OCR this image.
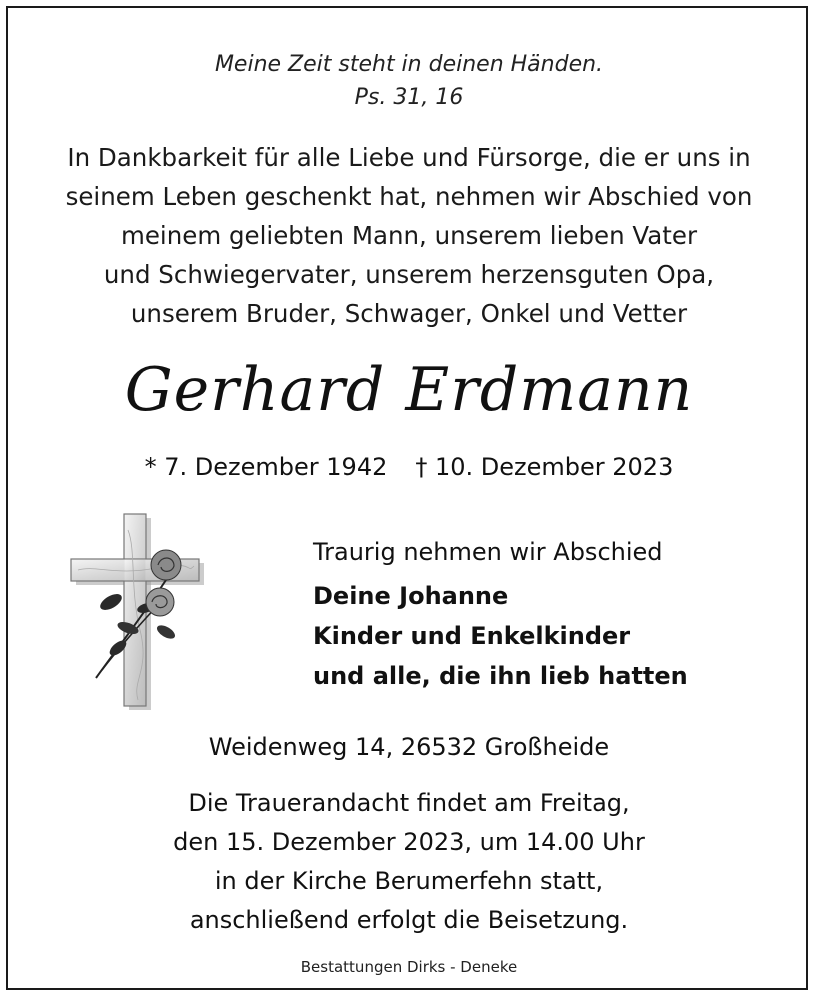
Meine Zeit steht in deinen Händen.
Ps. 31, 16
In Dankbarkeit für alle Liebe und Fürsorge, die er uns in
seinem Leben geschenkt hat, nehmen wir Abschied von
meinem geliebten Mann, unserem lieben Vater
und Schwiegervater, unserem herzensguten Opa,
unserem Bruder, Schwager, Onkel und Vetter
Gerhard Erdmann
* 7. Dezember 1942 † 10. Dezember 2023
Traurig nehmen wir Abschied
Deine Johanne
Kinder und Enkelkinder
und alle, die ihn lieb hatten
Weidenweg 14, 26532 Großheide
Die Trauerandacht findet am Freitag,
den 15. Dezember 2023, um 14.00 Uhr
in der Kirche Berumerfehn statt,
anschließend erfolgt die Beisetzung.
Bestattungen Dirks - Deneke
